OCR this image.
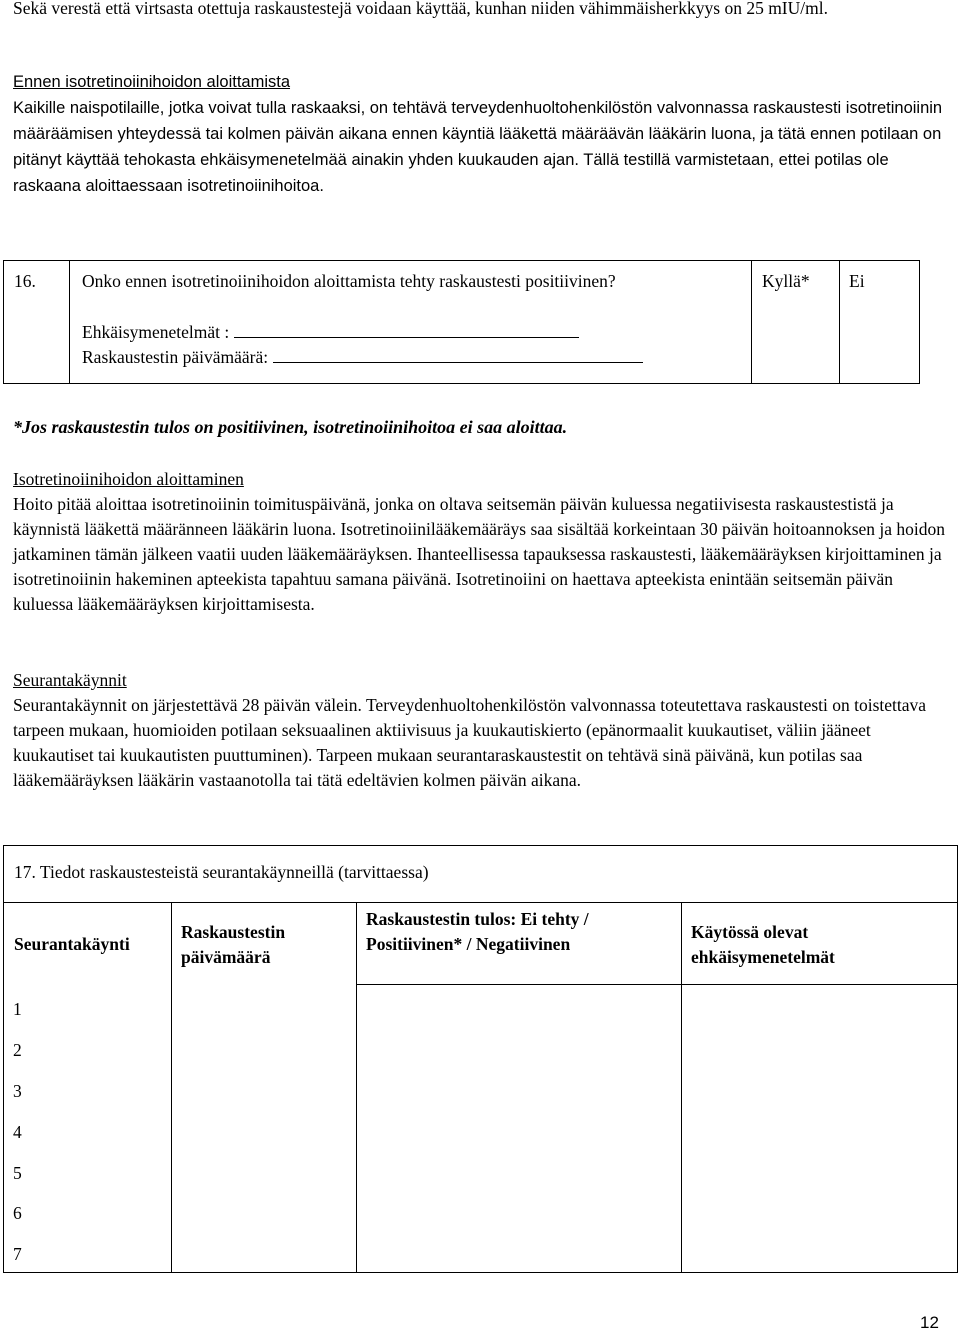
Sekä verestä että virtsasta otettuja raskaustestejä voidaan käyttää, kunhan niiden vähimmäisherkkyys on 25 mIU/ml.

Ennen isotretinoiinihoidon aloittamista

Kaikille naispotilaille, jotka voivat tulla raskaaksi, on tehtävä terveydenhuoltohenkilöstön valvonnassa raskaustesti isotretinoiinin määräämisen yhteydessä tai kolmen päivän aikana ennen käyntiä lääkettä määräävän lääkärin luona, ja tätä ennen potilaan on pitänyt käyttää tehokasta ehkäisymenetelmää ainakin yhden kuukauden ajan. Tällä testillä varmistetaan, ettei potilas ole raskaana aloittaessaan isotretinoiinihoitoa.

16.	Onko ennen isotretinoiinihoidon aloittamista tehty raskaustesti positiivinen?
Ehkäisymenetelmät :
Raskaustestin päivämäärä:
Kyllä* Ei
*Jos raskaustestin tulos on positiivinen, isotretinoiinihoitoa ei saa aloittaa.
Isotretinoiinihoidon aloittaminen

Hoito pitää aloittaa isotretinoiinin toimituspäivänä, jonka on oltava seitsemän päivän kuluessa negatiivisesta raskaustestistä ja käynnistä lääkettä määränneen lääkärin luona. Isotretinoiinilääkemääräys saa sisältää korkeintaan 30 päivän hoitoannoksen ja hoidon jatkaminen tämän jälkeen vaatii uuden lääkemääräyksen. Ihanteellisessa tapauksessa raskaustesti, lääkemääräyksen kirjoittaminen ja isotretinoiinin hakeminen apteekista tapahtuu samana päivänä. Isotretinoiini on haettava apteekista enintään seitsemän päivän kuluessa lääkemääräyksen kirjoittamisesta.

Seurantakäynnit

Seurantakäynnit on järjestettävä 28 päivän välein. Terveydenhuoltohenkilöstön valvonnassa toteutettava raskaustesti on toistettava tarpeen mukaan, huomioiden potilaan seksuaalinen aktiivisuus ja kuukautiskierto (epänormaalit kuukautiset, väliin jääneet kuukautiset tai kuukautisten puuttuminen). Tarpeen mukaan seurantaraskaustestit on tehtävä sinä päivänä, kun potilas saa lääkemääräyksen lääkärin vastaanotolla tai tätä edeltävien kolmen päivän aikana.

17. Tiedot raskaustesteistä seurantakäynneillä (tarvittaessa)
Seurantakäynti
Raskaustestin päivämäärä
Raskaustestin tulos: Ei tehty / Positiivinen* / Negatiivinen
Käytössä olevat ehkäisymenetelmät
1
2
3
4
5
6
7
12
